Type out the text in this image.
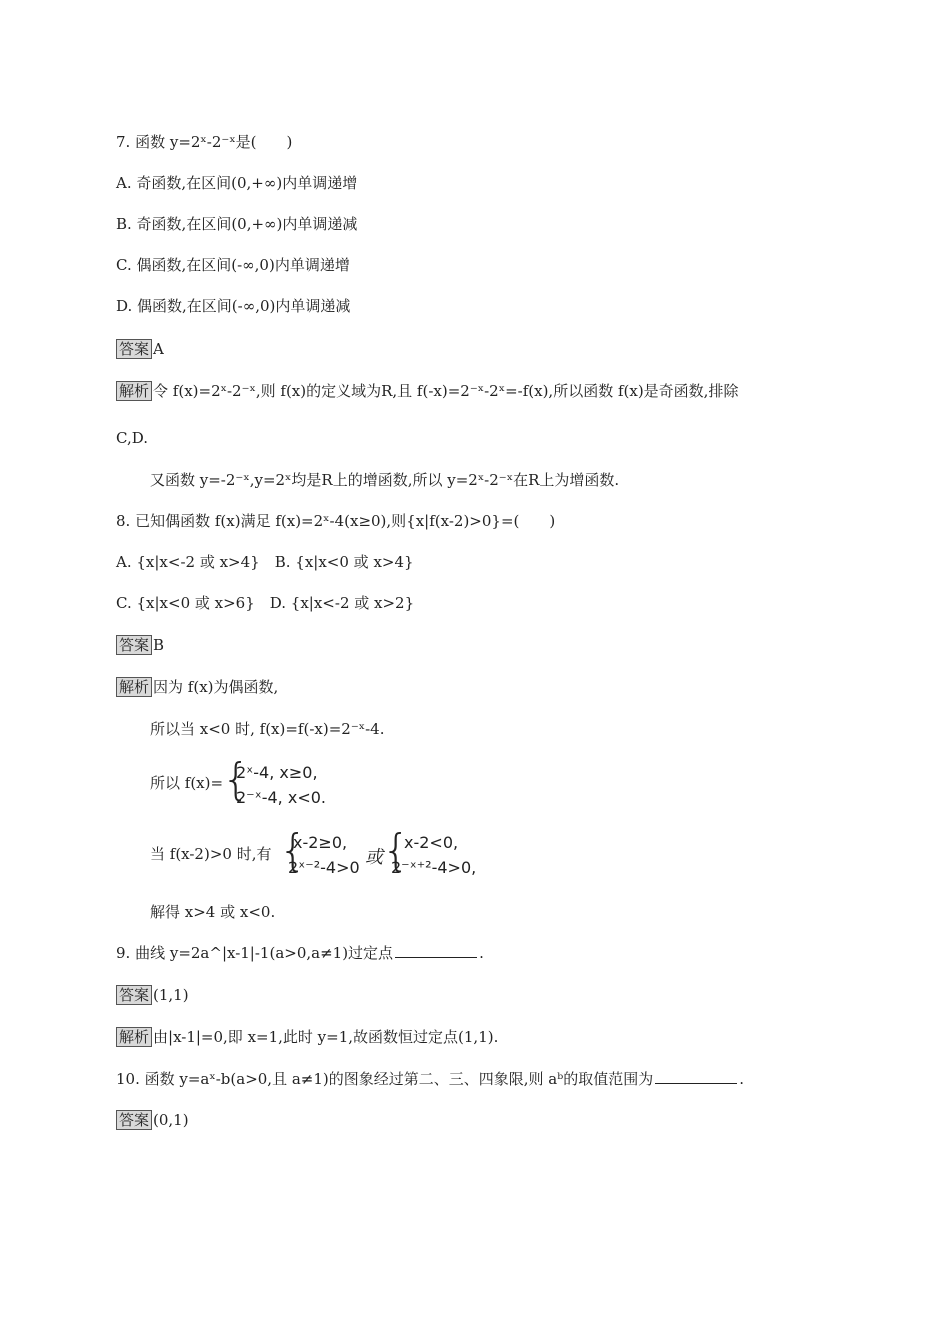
7. 函数 y=2ˣ-2⁻ˣ是(　　)
A. 奇函数,在区间(0,+∞)内单调递增
B. 奇函数,在区间(0,+∞)内单调递减
C. 偶函数,在区间(-∞,0)内单调递增
D. 偶函数,在区间(-∞,0)内单调递减
答案 A
解析 令 f(x)=2ˣ-2⁻ˣ,则 f(x)的定义域为R,且 f(-x)=2⁻ˣ-2ˣ=-f(x),所以函数 f(x)是奇函数,排除
C,D.
又函数 y=-2⁻ˣ,y=2ˣ均是R上的增函数,所以 y=2ˣ-2⁻ˣ在R上为增函数.
8. 已知偶函数 f(x)满足 f(x)=2ˣ-4(x≥0),则{x|f(x-2)>0}=(　　)
A. {x|x<-2 或 x>4}　B. {x|x<0 或 x>4}
C. {x|x<0 或 x>6}　D. {x|x<-2 或 x>2}
答案 B
解析 因为 f(x)为偶函数,
所以当 x<0 时, f(x)=f(-x)=2⁻ˣ-4.
所以 f(x)=
{
2ˣ-4, x≥0,
2⁻ˣ-4, x<0.
当 f(x-2)>0 时,有 {
x-2≥0,
2ˣ⁻²-4>0 或 {
x-2<0,
2⁻ˣ⁺²-4>0,
解得 x>4 或 x<0.
9. 曲线 y=2a^|x-1|-1(a>0,a≠1)过定点	.
答案 (1,1)
解析 由|x-1|=0,即 x=1,此时 y=1,故函数恒过定点(1,1).
10. 函数 y=aˣ-b(a>0,且 a≠1)的图象经过第二、三、四象限,则 aᵇ的取值范围为	.
答案 (0,1)
